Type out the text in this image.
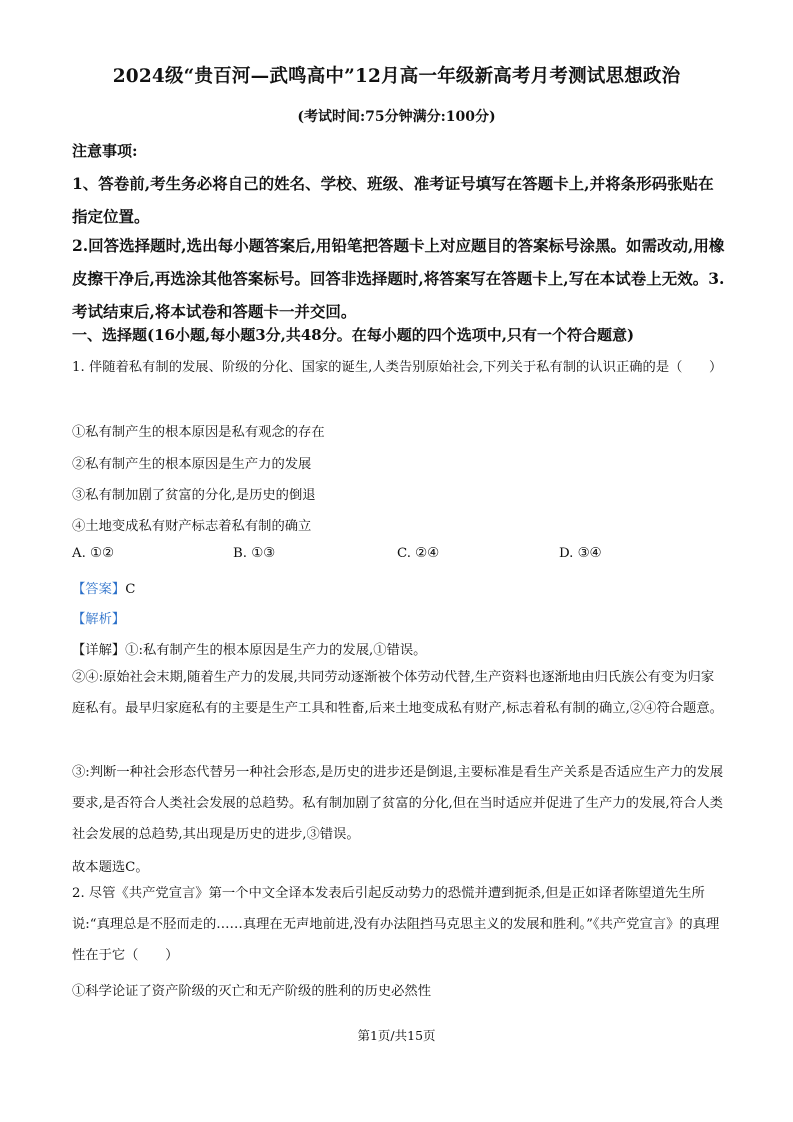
2024级“贵百河—武鸣高中”12月高一年级新高考月考测试思想政治
(考试时间:75分钟满分:100分)
注意事项:
1、答卷前,考生务必将自己的姓名、学校、班级、准考证号填写在答题卡上,并将条形码张贴在指定位置。
2.回答选择题时,选出每小题答案后,用铅笔把答题卡上对应题目的答案标号涂黑。如需改动,用橡皮擦干净后,再选涂其他答案标号。回答非选择题时,将答案写在答题卡上,写在本试卷上无效。3.考试结束后,将本试卷和答题卡一并交回。
一、选择题(16小题,每小题3分,共48分。在每小题的四个选项中,只有一个符合题意)
1. 伴随着私有制的发展、阶级的分化、国家的诞生,人类告别原始社会,下列关于私有制的认识正确的是（　　）
①私有制产生的根本原因是私有观念的存在
②私有制产生的根本原因是生产力的发展
③私有制加剧了贫富的分化,是历史的倒退
④土地变成私有财产标志着私有制的确立
A. ①②	B. ①③	C. ②④	D. ③④
【答案】C
【解析】
【详解】①:私有制产生的根本原因是生产力的发展,①错误。
②④:原始社会末期,随着生产力的发展,共同劳动逐渐被个体劳动代替,生产资料也逐渐地由归氏族公有变为归家庭私有。最早归家庭私有的主要是生产工具和牲畜,后来土地变成私有财产,标志着私有制的确立,②④符合题意。
③:判断一种社会形态代替另一种社会形态,是历史的进步还是倒退,主要标准是看生产关系是否适应生产力的发展要求,是否符合人类社会发展的总趋势。私有制加剧了贫富的分化,但在当时适应并促进了生产力的发展,符合人类社会发展的总趋势,其出现是历史的进步,③错误。
故本题选C。
2. 尽管《共产党宣言》第一个中文全译本发表后引起反动势力的恐慌并遭到扼杀,但是正如译者陈望道先生所说:“真理总是不胫而走的……真理在无声地前进,没有办法阻挡马克思主义的发展和胜利。”《共产党宣言》的真理性在于它（　　）
①科学论证了资产阶级的灭亡和无产阶级的胜利的历史必然性
第1页/共15页
